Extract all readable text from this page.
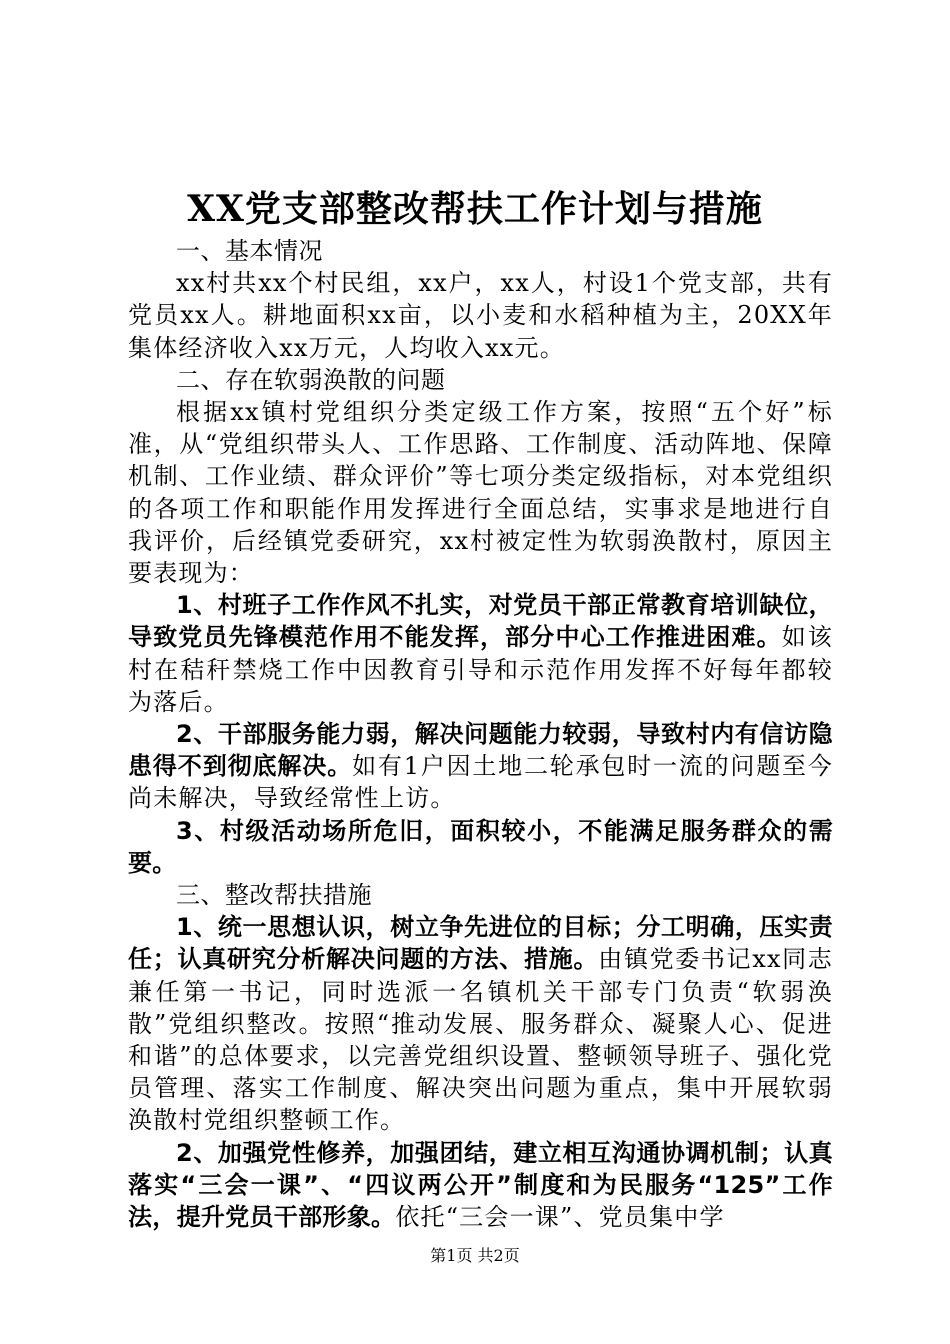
XX党支部整改帮扶工作计划与措施

一、基本情况

xx村共xx个村民组，xx户，xx人，村设1个党支部，共有党员xx人。耕地面积xx亩，以小麦和水稻种植为主，20XX年集体经济收入xx万元，人均收入xx元。

二、存在软弱涣散的问题

根据xx镇村党组织分类定级工作方案，按照“五个好”标准，从“党组织带头人、工作思路、工作制度、活动阵地、保障机制、工作业绩、群众评价”等七项分类定级指标，对本党组织的各项工作和职能作用发挥进行全面总结，实事求是地进行自我评价，后经镇党委研究，xx村被定性为软弱涣散村，原因主要表现为：

1、村班子工作作风不扎实，对党员干部正常教育培训缺位，导致党员先锋模范作用不能发挥，部分中心工作推进困难。如该村在秸秆禁烧工作中因教育引导和示范作用发挥不好每年都较为落后。

2、干部服务能力弱，解决问题能力较弱，导致村内有信访隐患得不到彻底解决。如有1户因土地二轮承包时一流的问题至今尚未解决，导致经常性上访。

3、村级活动场所危旧，面积较小，不能满足服务群众的需要。

三、整改帮扶措施

1、统一思想认识，树立争先进位的目标；分工明确，压实责任；认真研究分析解决问题的方法、措施。由镇党委书记xx同志兼任第一书记，同时选派一名镇机关干部专门负责“软弱涣散”党组织整改。按照“推动发展、服务群众、凝聚人心、促进和谐”的总体要求，以完善党组织设置、整顿领导班子、强化党员管理、落实工作制度、解决突出问题为重点，集中开展软弱涣散村党组织整顿工作。

2、加强党性修养，加强团结，建立相互沟通协调机制；认真落实“三会一课”、“四议两公开”制度和为民服务“125”工作法，提升党员干部形象。依托“三会一课”、党员集中学

第1页 共2页
